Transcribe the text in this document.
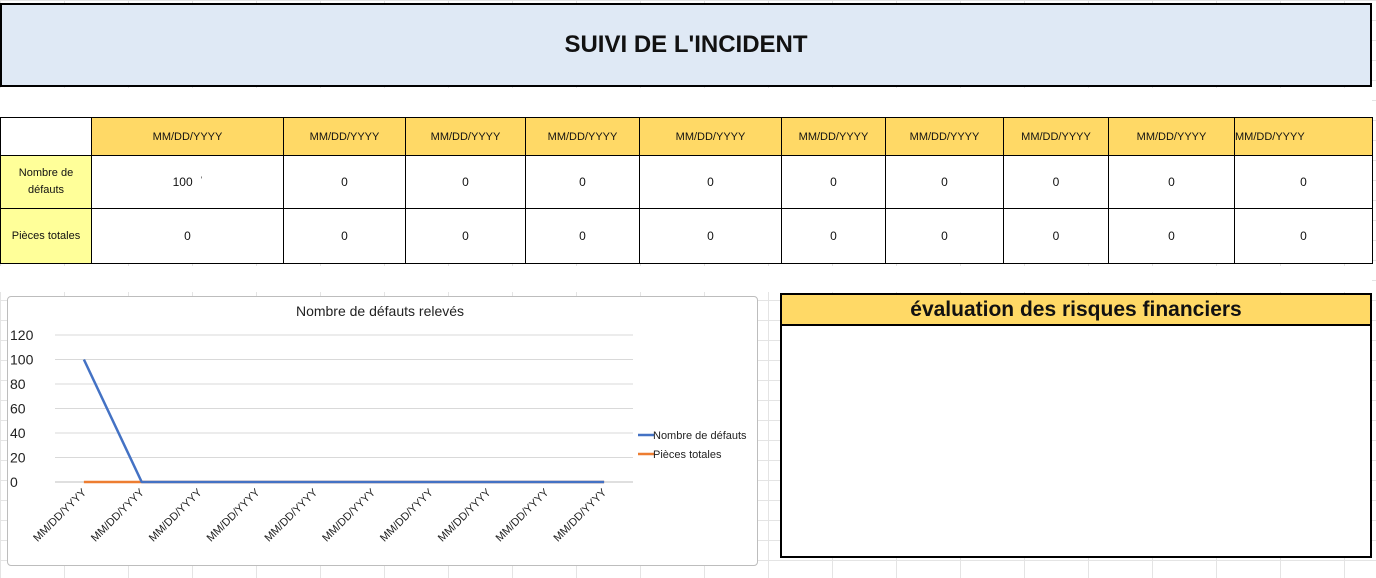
SUIVI DE L'INCIDENT
	MM/DD/YYYY	MM/DD/YYYY	MM/DD/YYYY	MM/DD/YYYY	MM/DD/YYYY	MM/DD/YYYY	MM/DD/YYYY	MM/DD/YYYY	MM/DD/YYYY	MM/DD/YYYY
Nombre de défauts	100 '	0	0	0	0	0	0	0	0	0
Pièces totales	0	0	0	0	0	0	0	0	0	0
Nombre de défauts relevés
0
20
40
60
80
100
120
MM/DD/YYYY MM/DD/YYYY MM/DD/YYYY MM/DD/YYYY MM/DD/YYYY MM/DD/YYYY MM/DD/YYYY MM/DD/YYYY MM/DD/YYYY MM/DD/YYYY
Nombre de défauts
Pièces totales
évaluation des risques financiers
